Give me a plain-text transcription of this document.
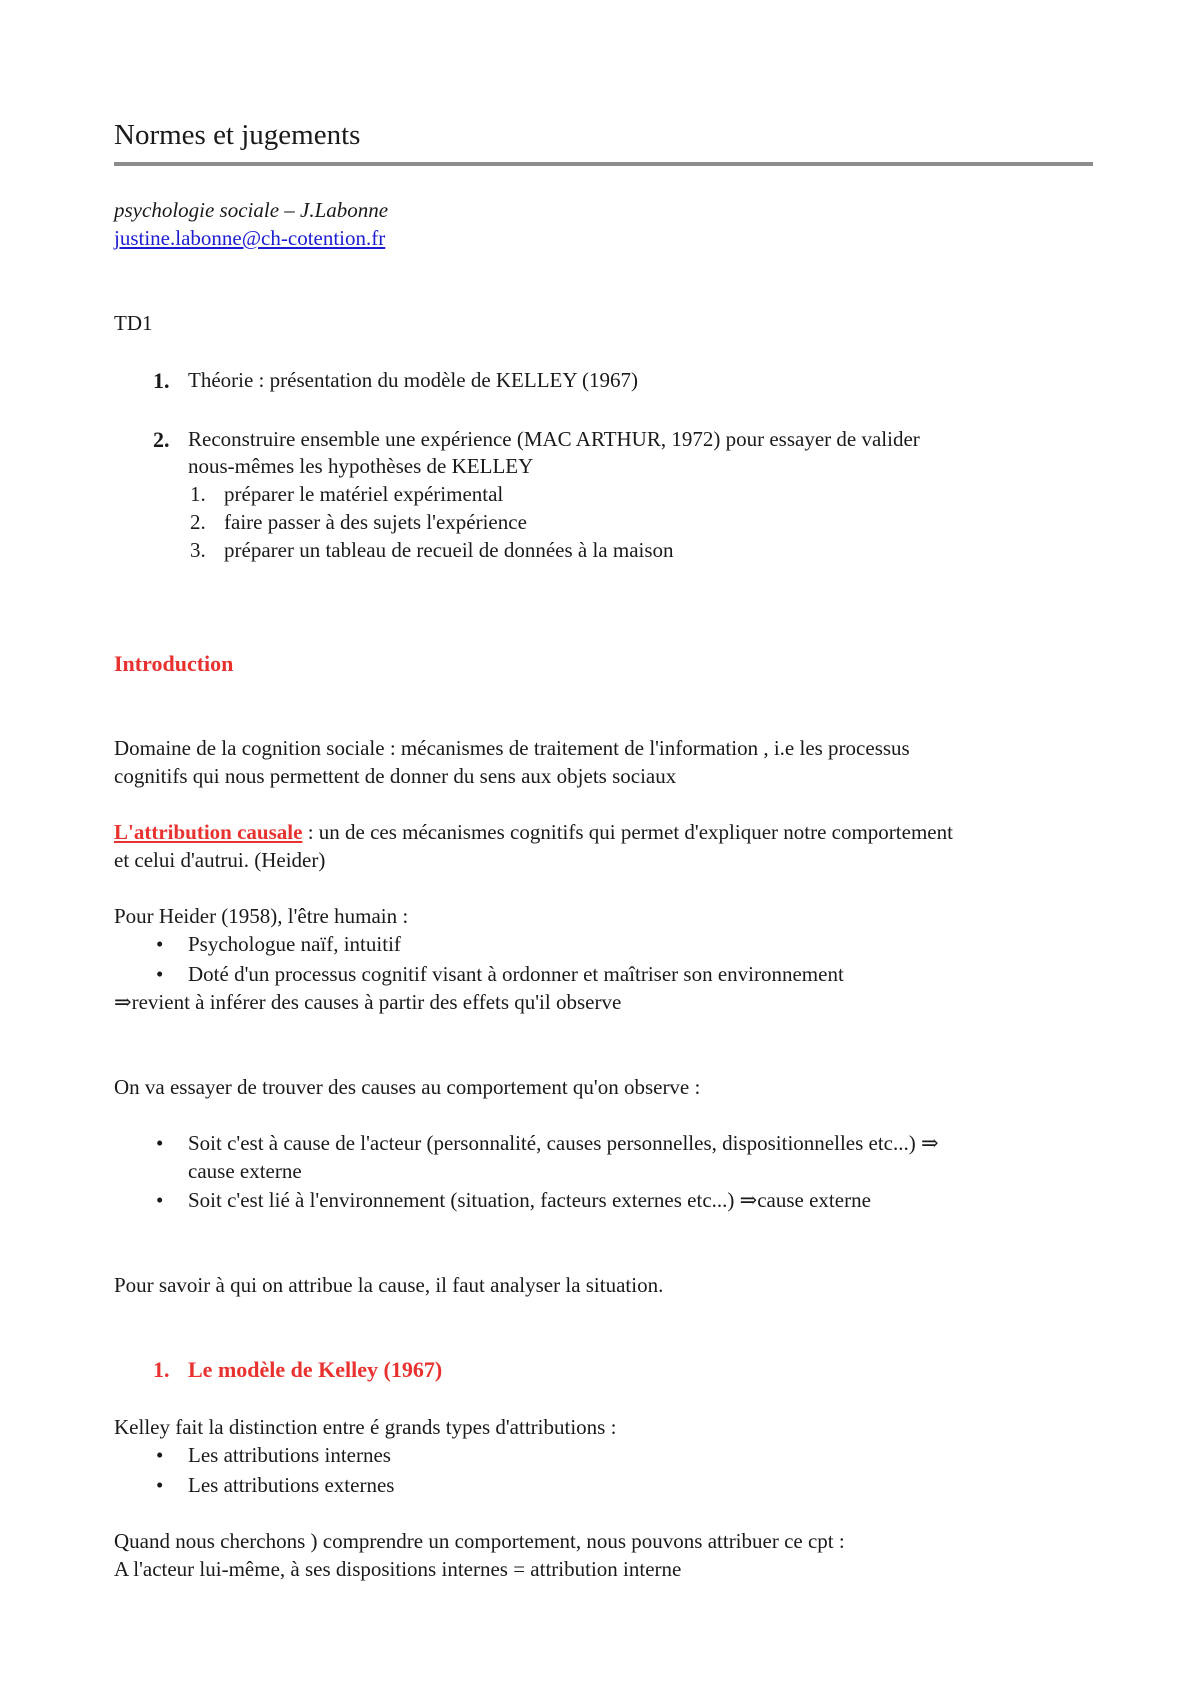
Normes et jugements
psychologie sociale – J.Labonne
justine.labonne@ch-cotention.fr
TD1
1. Théorie : présentation du modèle de KELLEY (1967)
2. Reconstruire ensemble une expérience (MAC ARTHUR, 1972) pour essayer de valider
nous-mêmes les hypothèses de KELLEY
1. préparer le matériel expérimental
2. faire passer à des sujets l'expérience
3. préparer un tableau de recueil de données à la maison
Introduction
Domaine de la cognition sociale : mécanismes de traitement de l'information , i.e les processus
cognitifs qui nous permettent de donner du sens aux objets sociaux
L'attribution causale : un de ces mécanismes cognitifs qui permet d'expliquer notre comportement
et celui d'autrui. (Heider)
Pour Heider (1958), l'être humain :
• Psychologue naïf, intuitif
• Doté d'un processus cognitif visant à ordonner et maîtriser son environnement
⇒revient à inférer des causes à partir des effets qu'il observe
On va essayer de trouver des causes au comportement qu'on observe :
• Soit c'est à cause de l'acteur (personnalité, causes personnelles, dispositionnelles etc...) ⇒
cause externe
• Soit c'est lié à l'environnement (situation, facteurs externes etc...) ⇒cause externe
Pour savoir à qui on attribue la cause, il faut analyser la situation.
1. Le modèle de Kelley (1967)
Kelley fait la distinction entre é grands types d'attributions :
• Les attributions internes
• Les attributions externes
Quand nous cherchons ) comprendre un comportement, nous pouvons attribuer ce cpt :
A l'acteur lui-même, à ses dispositions internes = attribution interne
